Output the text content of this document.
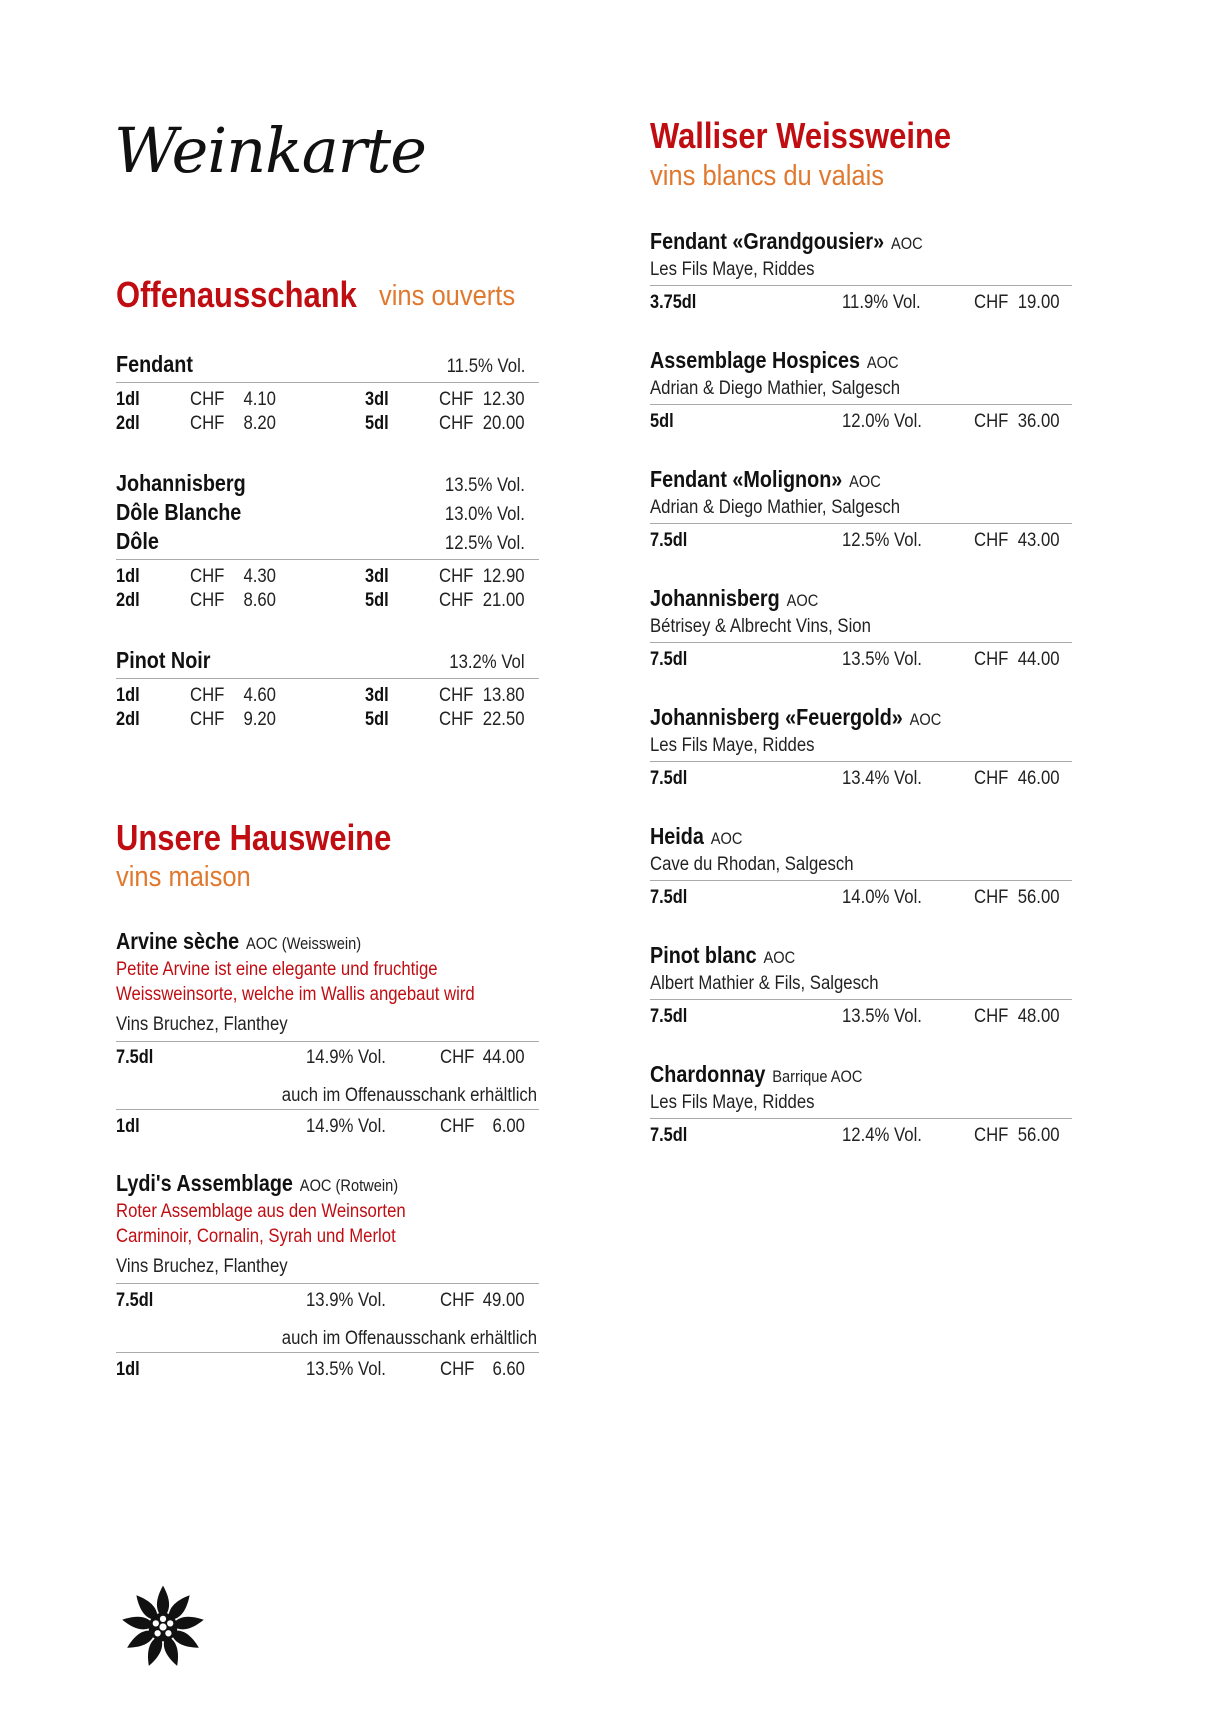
Weinkarte
Offenausschank vins ouverts
Fendant	11.5% Vol.
1dl	CHF 4.10	3dl	CHF 12.30
2dl	CHF 8.20	5dl	CHF 20.00
Johannisberg	13.5% Vol.
Dôle Blanche	13.0% Vol.
Dôle	12.5% Vol.
1dl	CHF 4.30	3dl	CHF 12.90
2dl	CHF 8.60	5dl	CHF 21.00
Pinot Noir	13.2% Vol
1dl	CHF 4.60	3dl	CHF 13.80
2dl	CHF 9.20	5dl	CHF 22.50
Unsere Hausweine
vins maison
Arvine sèche AOC (Weisswein)
Petite Arvine ist eine elegante und fruchtige
Weissweinsorte, welche im Wallis angebaut wird
Vins Bruchez, Flanthey
7.5dl	14.9% Vol.	CHF 44.00
auch im Offenausschank erhältlich
1dl	14.9% Vol.	CHF 6.00
Lydi's Assemblage AOC (Rotwein)
Roter Assemblage aus den Weinsorten
Carminoir, Cornalin, Syrah und Merlot
Vins Bruchez, Flanthey
7.5dl	13.9% Vol.	CHF 49.00
auch im Offenausschank erhältlich
1dl	13.5% Vol.	CHF 6.60
Walliser Weissweine
vins blancs du valais
Fendant «Grandgousier» AOC
Les Fils Maye, Riddes
3.75dl	11.9% Vol.	CHF 19.00
Assemblage Hospices AOC
Adrian & Diego Mathier, Salgesch
5dl	12.0% Vol.	CHF 36.00
Fendant «Molignon» AOC
Adrian & Diego Mathier, Salgesch
7.5dl	12.5% Vol.	CHF 43.00
Johannisberg AOC
Bétrisey & Albrecht Vins, Sion
7.5dl	13.5% Vol.	CHF 44.00
Johannisberg «Feuergold» AOC
Les Fils Maye, Riddes
7.5dl	13.4% Vol.	CHF 46.00
Heida AOC
Cave du Rhodan, Salgesch
7.5dl	14.0% Vol.	CHF 56.00
Pinot blanc AOC
Albert Mathier & Fils, Salgesch
7.5dl	13.5% Vol.	CHF 48.00
Chardonnay Barrique AOC
Les Fils Maye, Riddes
7.5dl	12.4% Vol.	CHF 56.00
